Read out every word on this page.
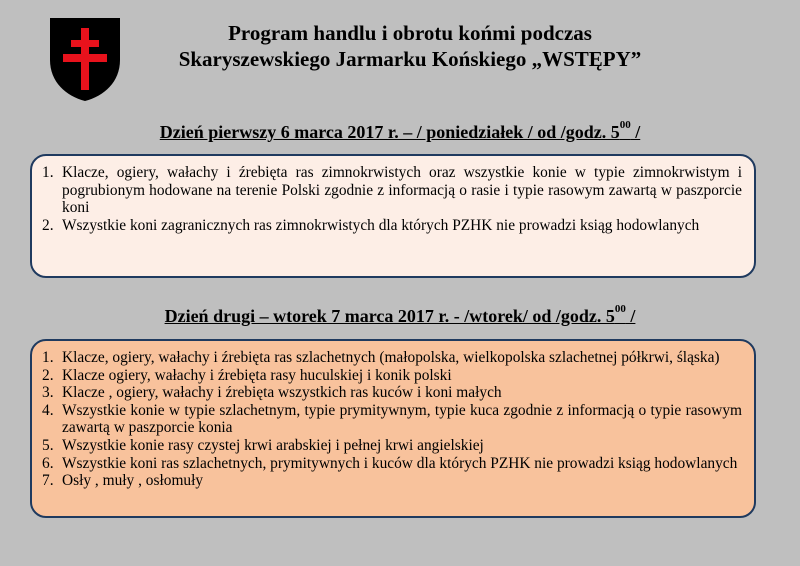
Program handlu i obrotu końmi podczas
Skaryszewskiego Jarmarku Końskiego „WSTĘPY”
Dzień pierwszy 6 marca 2017 r. – / poniedziałek / od /godz. $5^{00}$ /
1. Klacze, ogiery, wałachy i źrebięta ras zimnokrwistych oraz wszystkie konie w typie zimnokrwistym i pogrubionym hodowane na terenie Polski zgodnie z informacją o rasie i typie rasowym zawartą w paszporcie koni
2. Wszystkie koni zagranicznych ras zimnokrwistych dla których PZHK nie prowadzi ksiąg hodowlanych
Dzień drugi – wtorek 7 marca 2017 r. - /wtorek/ od /godz. $5^{00}$ /
1. Klacze, ogiery, wałachy i źrebięta ras szlachetnych (małopolska, wielkopolska szlachetnej półkrwi, śląska)
2. Klacze ogiery, wałachy i źrebięta rasy huculskiej i konik polski
3. Klacze , ogiery, wałachy i źrebięta wszystkich ras kuców i koni małych
4. Wszystkie konie w typie szlachetnym, typie prymitywnym, typie kuca zgodnie z informacją o typie rasowym zawartą w paszporcie konia
5. Wszystkie konie rasy czystej krwi arabskiej i pełnej krwi angielskiej
6. Wszystkie koni ras szlachetnych, prymitywnych i kuców dla których PZHK nie prowadzi ksiąg hodowlanych
7. Osły , muły , osłomuły
